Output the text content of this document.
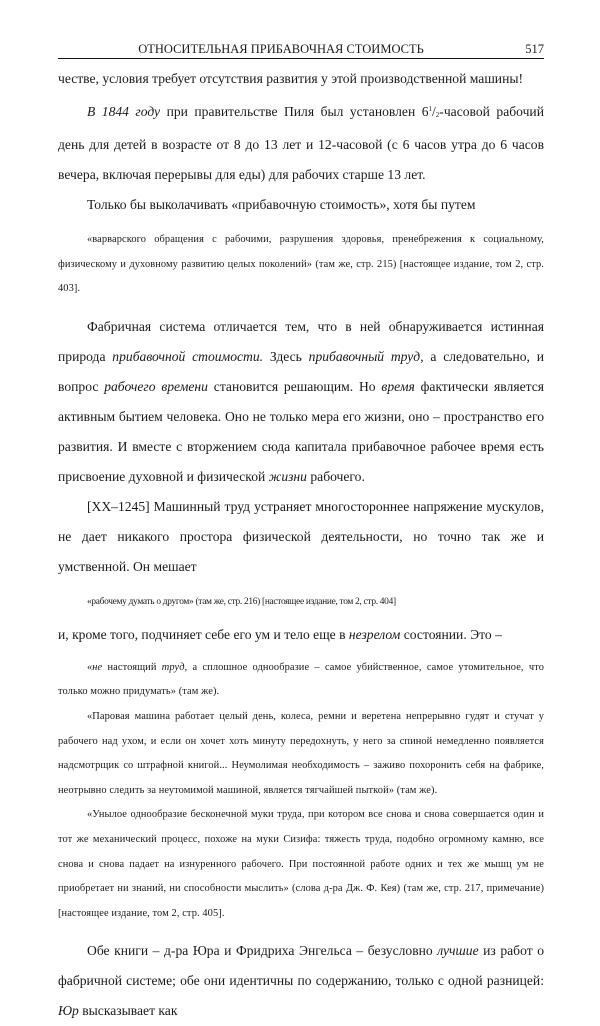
ОТНОСИТЕЛЬНАЯ ПРИБАВОЧНАЯ СТОИМОСТЬ	517

честве, условия требует отсутствия развития у этой производственной машины!

В 1844 году при правительстве Пиля был установлен $6^1/2$-часовой рабочий день для детей в возрасте от 8 до 13 лет и 12-часовой (с 6 часов утра до 6 часов вечера, включая перерывы для еды) для рабочих старше 13 лет.

Только бы выколачивать «прибавочную стоимость», хотя бы путем

«варварского обращения с рабочими, разрушения здоровья, пренебрежения к социальному, физическому и духовному развитию целых поколений» (там же, стр. 215) [настоящее издание, том 2, стр. 403].

Фабричная система отличается тем, что в ней обнаруживается истинная природа прибавочной стоимости. Здесь прибавочный труд, а следовательно, и вопрос рабочего времени становится решающим. Но время фактически является активным бытием человека. Оно не только мера его жизни, оно – пространство его развития. И вместе с вторжением сюда капитала прибавочное рабочее время есть присвоение духовной и физической жизни рабочего.

[XX–1245] Машинный труд устраняет многостороннее напряжение мускулов, не дает никакого простора физической деятельности, но точно так же и умственной. Он мешает

«рабочему думать о другом» (там же, стр. 216) [настоящее издание, том 2, стр. 404]

и, кроме того, подчиняет себе его ум и тело еще в незрелом состоянии. Это –

«не настоящий труд, а сплошное однообразие – самое убийственное, самое утомительное, что только можно придумать» (там же).

«Паровая машина работает целый день, колеса, ремни и веретена непрерывно гудят и стучат у рабочего над ухом, и если он хочет хоть минуту передохнуть, у него за спиной немедленно появляется надсмотрщик со штрафной книгой... Неумолимая необходимость – заживо похоронить себя на фабрике, неотрывно следить за неутомимой машиной, является тягчайшей пыткой» (там же).

«Унылое однообразие бесконечной муки труда, при котором все снова и снова совершается один и тот же механический процесс, похоже на муки Сизифа: тяжесть труда, подобно огромному камню, все снова и снова падает на изнуренного рабочего. При постоянной работе одних и тех же мышц ум не приобретает ни знаний, ни способности мыслить» (слова д-ра Дж. Ф. Кея) (там же, стр. 217, примечание) [настоящее издание, том 2, стр. 405].

Обе книги – д-ра Юра и Фридриха Энгельса – безусловно лучшие из работ о фабричной системе; обе они идентичны по содержанию, только с одной разницей: Юр высказывает как
